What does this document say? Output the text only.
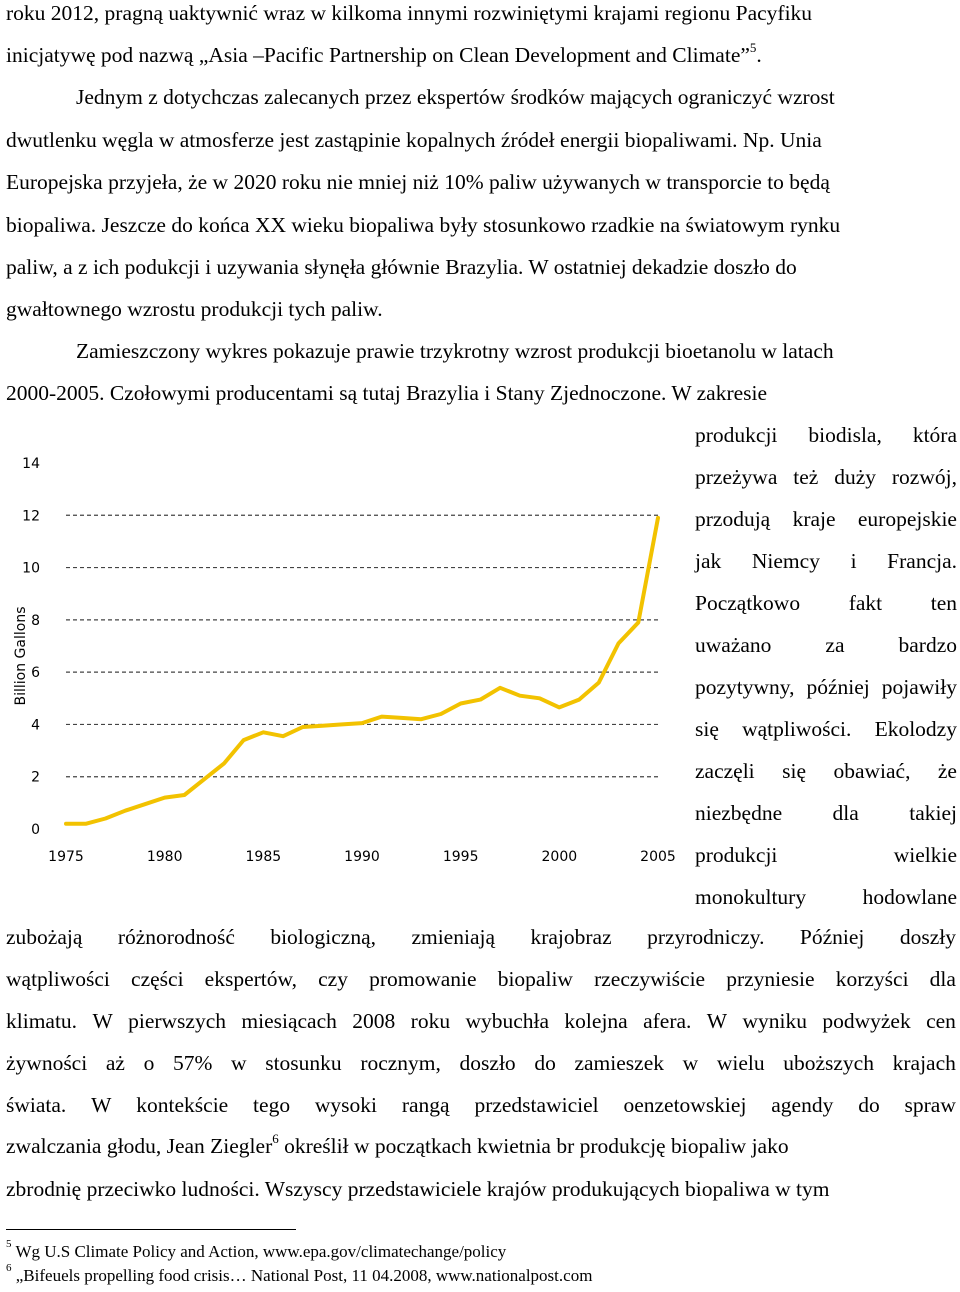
roku 2012, pragną uaktywnić wraz w kilkoma innymi rozwiniętymi krajami regionu Pacyfiku
inicjatywę pod nazwą „Asia –Pacific Partnership on Clean Development and Climate”$^5$.
Jednym z dotychczas zalecanych przez ekspertów środków mających ograniczyć wzrost
dwutlenku węgla w atmosferze jest zastąpinie kopalnych źródeł energii biopaliwami. Np. Unia
Europejska przyjeła, że w 2020 roku nie mniej niż 10% paliw używanych w transporcie to będą
biopaliwa. Jeszcze do końca XX wieku biopaliwa były stosunkowo rzadkie na światowym rynku
paliw, a z ich podukcji i uzywania słynęła głównie Brazylia. W ostatniej dekadzie doszło do
gwałtownego wzrostu produkcji tych paliw.
Zamieszczony wykres pokazuje prawie trzykrotny wzrost produkcji bioetanolu w latach
2000-2005. Czołowymi producentami są tutaj Brazylia i Stany Zjednoczone. W zakresie
produkcji biodisla, która
przeżywa też duży rozwój,
przodują kraje europejskie
jak Niemcy i Francja.
Początkowo fakt ten
uważano	za	bardzo
pozytywny, później pojawiły
się wątpliwości. Ekolodzy
zaczęli się obawiać, że
niezbędne dla takiej
produkcji	wielkie
monokultury	hodowlane
0
2
4
6
8
10
12
14
1975	1980	1985	1990	1995	2000	2005
Billion Gallons
zubożają różnorodność biologiczną, zmieniają krajobraz przyrodniczy. Później doszły
wątpliwości części ekspertów, czy promowanie biopaliw rzeczywiście przyniesie korzyści dla
klimatu. W pierwszych miesiącach 2008 roku wybuchła kolejna afera. W wyniku podwyżek cen
żywności aż o 57% w stosunku rocznym, doszło do zamieszek w wielu uboższych krajach
świata. W kontekście tego wysoki rangą przedstawiciel oenzetowskiej agendy do spraw
zwalczania głodu, Jean Ziegler$^6$ określił w początkach kwietnia br produkcję biopaliw jako
zbrodnię przeciwko ludności. Wszyscy przedstawiciele krajów produkujących biopaliwa w tym
$^5$ Wg U.S Climate Policy and Action, www.epa.gov/climatechange/policy
$^6$ „Bifeuels propelling food crisis… National Post, 11 04.2008, www.nationalpost.com
